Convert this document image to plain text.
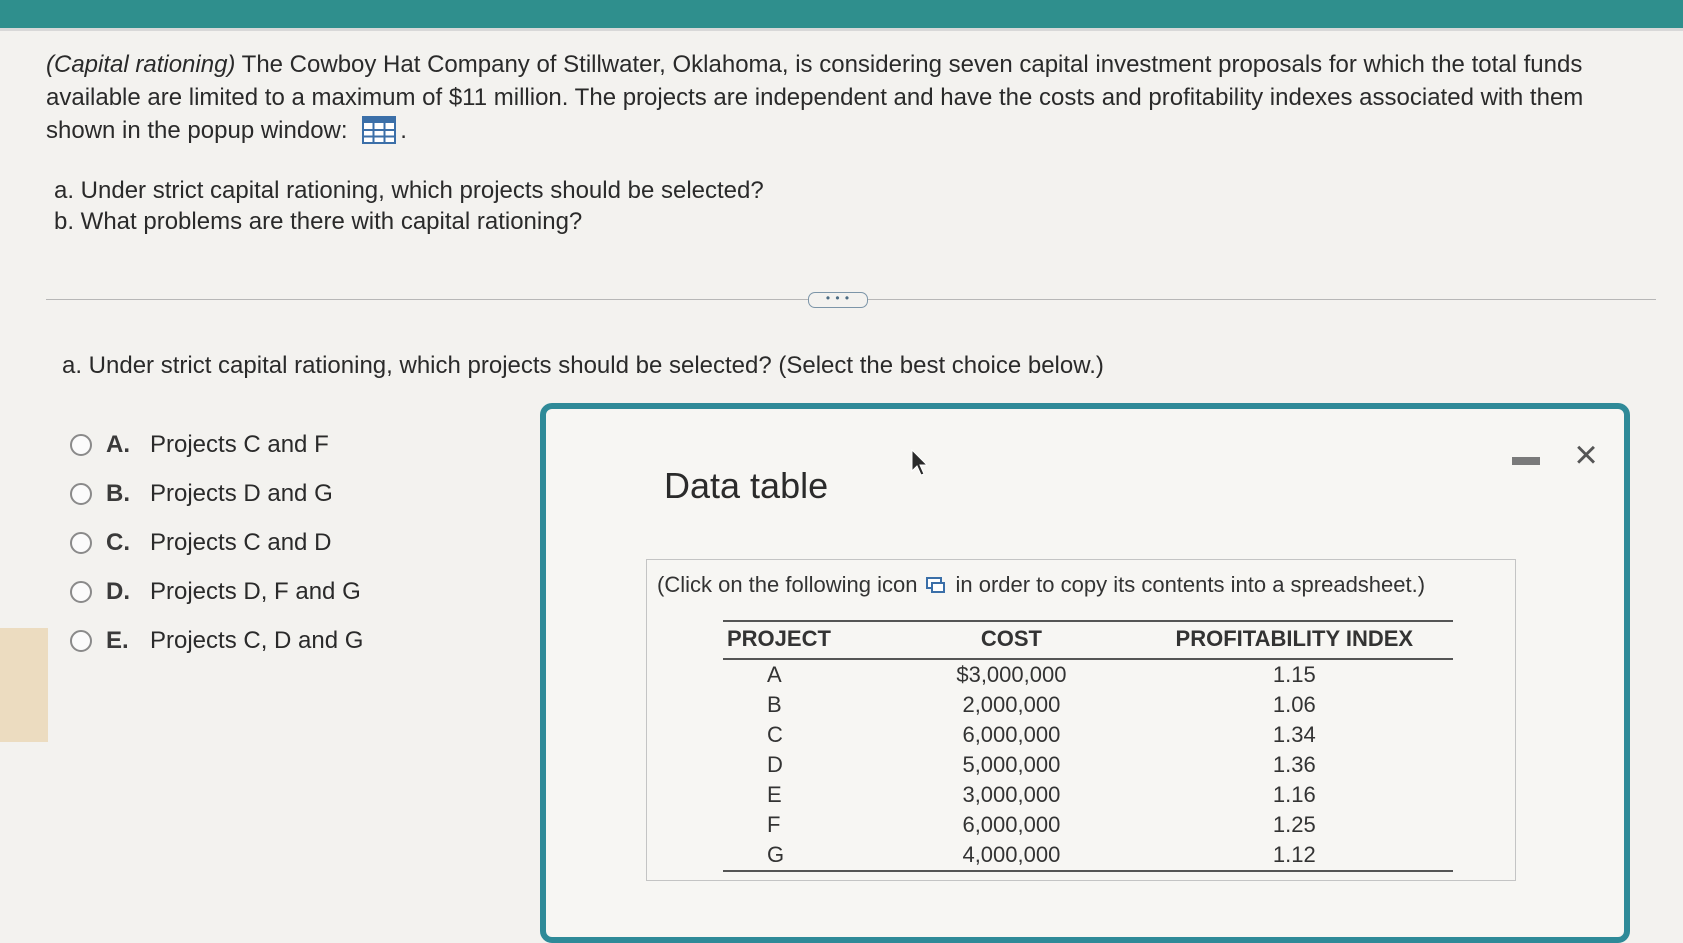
(Capital rationing) The Cowboy Hat Company of Stillwater, Oklahoma, is considering seven capital investment proposals for which the total funds available are limited to a maximum of $11 million. The projects are independent and have the costs and profitability indexes associated with them shown in the popup window: .

a. Under strict capital rationing, which projects should be selected?
b. What problems are there with capital rationing?
• • •
a. Under strict capital rationing, which projects should be selected? (Select the best choice below.)
A. Projects C and F
B. Projects D and G
C. Projects C and D
D. Projects D, F and G
E. Projects C, D and G
Data table
×
(Click on the following icon in order to copy its contents into a spreadsheet.)
PROJECT	COST	PROFITABILITY INDEX
A	$3,000,000	1.15
B	2,000,000	1.06
C	6,000,000	1.34
D	5,000,000	1.36
E	3,000,000	1.16
F	6,000,000	1.25
G	4,000,000	1.12
